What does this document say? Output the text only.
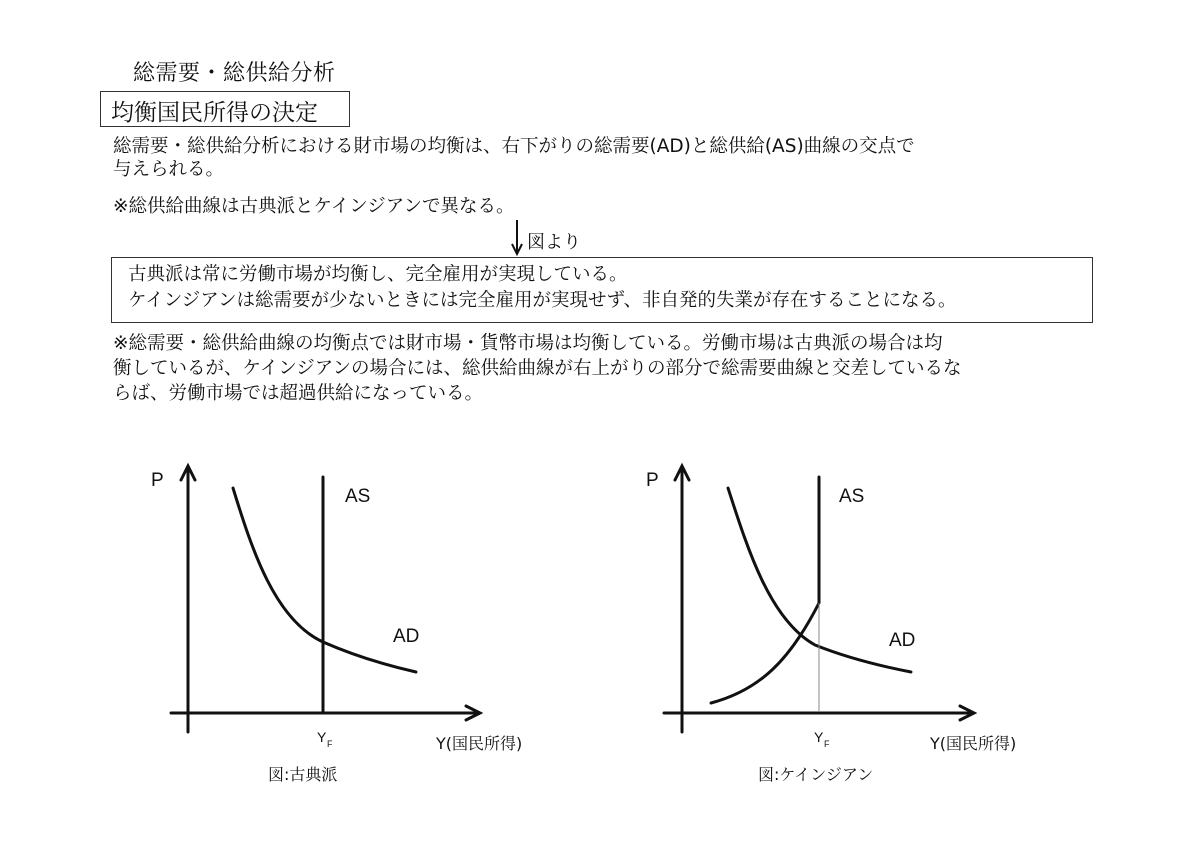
総需要・総供給分析
均衡国民所得の決定
総需要・総供給分析における財市場の均衡は、右下がりの総需要(AD)と総供給(AS)曲線の交点で
与えられる。
※総供給曲線は古典派とケインジアンで異なる。
図より
古典派は常に労働市場が均衡し、完全雇用が実現している。
ケインジアンは総需要が少ないときには完全雇用が実現せず、非自発的失業が存在することになる。
※総需要・総供給曲線の均衡点では財市場・貨幣市場は均衡している。労働市場は古典派の場合は均
衡しているが、ケインジアンの場合には、総供給曲線が右上がりの部分で総需要曲線と交差しているな
らば、労働市場では超過供給になっている。
P
AS
AD
Y F	Y(国民所得)
図:古典派
P
AS
AD
Y F	Y(国民所得)
図:ケインジアン
